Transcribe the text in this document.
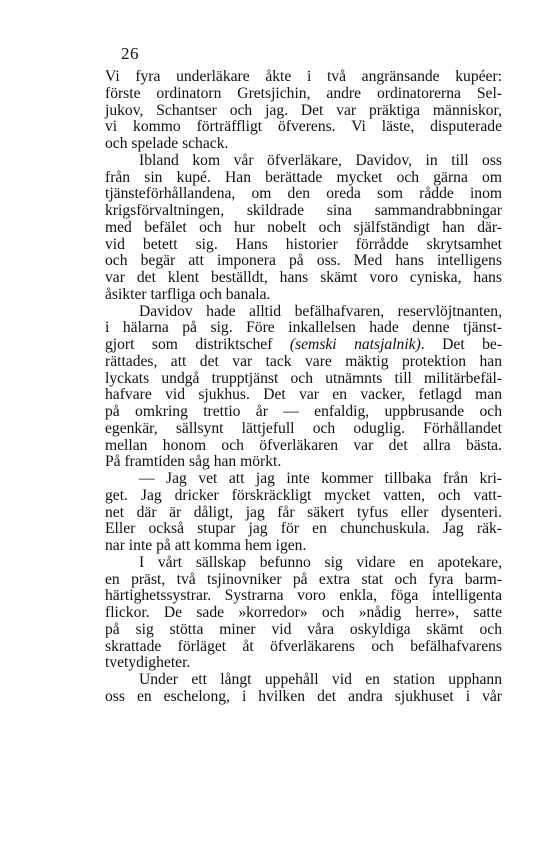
26
Vi fyra underläkare åkte i två angränsande kupéer:
förste ordinatorn Gretsjichin, andre ordinatorerna Sel-
jukov, Schantser och jag. Det var präktiga människor,
vi kommo förträffligt öfverens. Vi läste, disputerade
och spelade schack.
Ibland kom vår öfverläkare, Davidov, in till oss
från sin kupé. Han berättade mycket och gärna om
tjänsteförhållandena, om den oreda som rådde inom
krigsförvaltningen, skildrade sina sammandrabbningar
med befälet och hur nobelt och själfständigt han där-
vid betett sig. Hans historier förrådde skrytsamhet
och begär att imponera på oss. Med hans intelligens
var det klent beställdt, hans skämt voro cyniska, hans
åsikter tarfliga och banala.
Davidov hade alltid befälhafvaren, reservlöjtnanten,
i hälarna på sig. Före inkallelsen hade denne tjänst-
gjort som distriktschef (semski natsjalnik). Det be-
rättades, att det var tack vare mäktig protektion han
lyckats undgå trupptjänst och utnämnts till militärbefäl-
hafvare vid sjukhus. Det var en vacker, fetlagd man
på omkring trettio år — enfaldig, uppbrusande och
egenkär, sällsynt lättjefull och oduglig. Förhållandet
mellan honom och öfverläkaren var det allra bästa.
På framtiden såg han mörkt.
— Jag vet att jag inte kommer tillbaka från kri-
get. Jag dricker förskräckligt mycket vatten, och vatt-
net där är dåligt, jag får säkert tyfus eller dysenteri.
Eller också stupar jag för en chunchuskula. Jag räk-
nar inte på att komma hem igen.
I vårt sällskap befunno sig vidare en apotekare,
en präst, två tsjinovniker på extra stat och fyra barm-
härtighetssystrar. Systrarna voro enkla, föga intelligenta
flickor. De sade »korredor» och »nådig herre», satte
på sig stötta miner vid våra oskyldiga skämt och
skrattade förläget åt öfverläkarens och befälhafvarens
tvetydigheter.
Under ett långt uppehåll vid en station upphann
oss en eschelong, i hvilken det andra sjukhuset i vår
